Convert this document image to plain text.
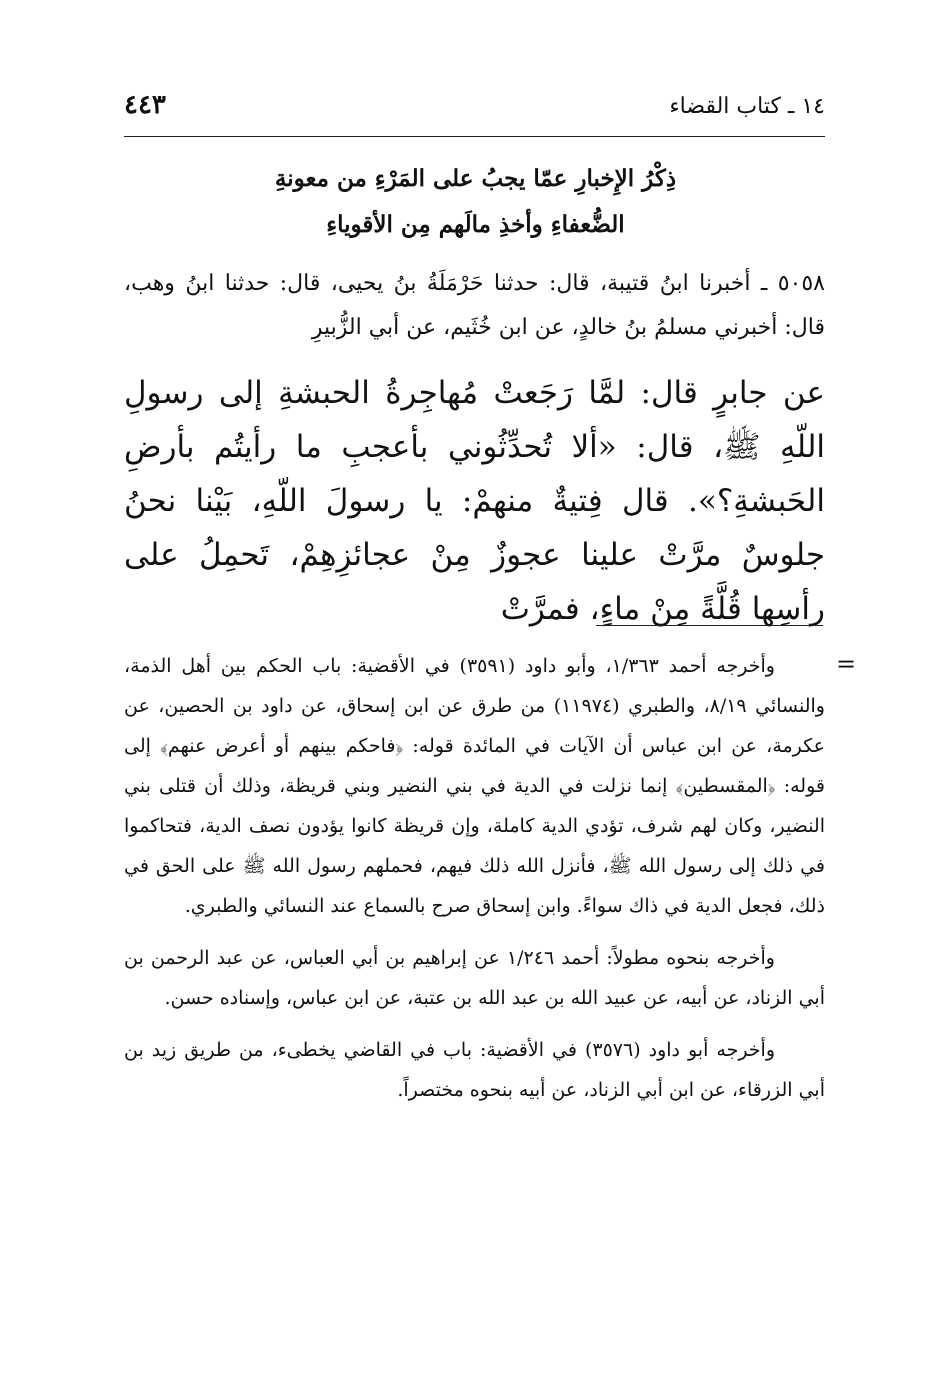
١٤ ـ كتاب القضاء
٤٤٣
ذِكْرُ الإِخبارِ عمّا يجبُ على المَرْءِ من معونةِ
الضُّعفاءِ وأخذِ مالَهم مِن الأقوياءِ
٥٠٥٨ ـ أخبرنا ابنُ قتيبة، قال: حدثنا حَرْمَلَةُ بنُ يحيى، قال: حدثنا ابنُ وهب، قال: أخبرني مسلمُ بنُ خالدٍ، عن ابن خُثَيم، عن أبي الزُّبيرِ
عن جابرٍ قال: لمَّا رَجَعتْ مُهاجِرةُ الحبشةِ إلى رسولِ اللّهِ ﷺ، قال: «ألا تُحدِّثُوني بأعجبِ ما رأيتُم بأرضِ الحَبشةِ؟». قال فِتيةٌ منهمْ: يا رسولَ اللّهِ، بَيْنا نحنُ جلوسٌ مرَّتْ علينا عجوزٌ مِنْ عجائزِهِمْ، تَحمِلُ على رأسِها قُلَّةً مِنْ ماءٍ، فمرَّتْ
=

وأخرجه أحمد ١/٣٦٣، وأبو داود (٣٥٩١) في الأقضية: باب الحكم بين أهل الذمة، والنسائي ٨/١٩، والطبري (١١٩٧٤) من طرق عن ابن إسحاق، عن داود بن الحصين، عن عكرمة، عن ابن عباس أن الآيات في المائدة قوله: ﴿فاحكم بينهم أو أعرض عنهم﴾ إلى قوله: ﴿المقسطين﴾ إنما نزلت في الدية في بني النضير وبني قريظة، وذلك أن قتلى بني النضير، وكان لهم شرف، تؤدي الدية كاملة، وإن قريظة كانوا يؤدون نصف الدية، فتحاكموا في ذلك إلى رسول الله ﷺ، فأنزل الله ذلك فيهم، فحملهم رسول الله ﷺ على الحق في ذلك، فجعل الدية في ذاك سواءً. وابن إسحاق صرح بالسماع عند النسائي والطبري.

وأخرجه بنحوه مطولاً: أحمد ١/٢٤٦ عن إبراهيم بن أبي العباس، عن عبد الرحمن بن أبي الزناد، عن أبيه، عن عبيد الله بن عبد الله بن عتبة، عن ابن عباس، وإسناده حسن.

وأخرجه أبو داود (٣٥٧٦) في الأقضية: باب في القاضي يخطىء، من طريق زيد بن أبي الزرقاء، عن ابن أبي الزناد، عن أبيه بنحوه مختصراً.
